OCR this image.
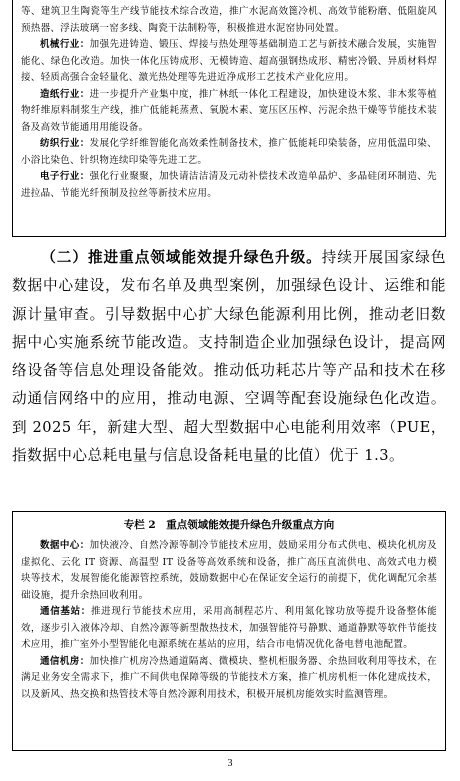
等、建筑卫生陶瓷等生产线节能技术综合改造，推广水泥高效篦冷机、高效节能粉磨、低阻旋风预热器、浮法玻璃一窑多线、陶瓷干法制粉等，积极推进水泥窑协同处置。

机械行业：加强先进铸造、锻压、焊接与热处理等基础制造工艺与新技术融合发展，实施智能化、绿色化改造。加快一体化压铸成形、无模铸造、超高强钢热成形、精密冷锻、异质材料焊接、轻质高强合金轻量化、激光热处理等先进近净成形工艺技术产业化应用。

造纸行业：进一步提升产业集中度，推广林纸一体化工程建设，加快建设木浆、非木浆等植物纤维原料制浆生产线，推广低能耗蒸煮、氧脱木素、宽压区压榨、污泥余热干燥等节能技术装备及高效节能通用用能设备。

纺织行业：发展化学纤维智能化高效柔性制备技术，推广低能耗印染装备，应用低温印染、小浴比染色、针织物连续印染等先进工艺。

电子行业：强化行业聚聚，加快请洁洁清及元动补偿技术改造单晶炉、多晶硅闭环制造、先进拉晶、节能光纤预制及拉丝等新技术应用。

（二）推进重点领域能效提升绿色升级。持续开展国家绿色数据中心建设，发布名单及典型案例，加强绿色设计、运维和能源计量审查。引导数据中心扩大绿色能源利用比例，推动老旧数据中心实施系统节能改造。支持制造企业加强绿色设计，提高网络设备等信息处理设备能效。推动低功耗芯片等产品和技术在移动通信网络中的应用，推动电源、空调等配套设施绿色化改造。到 2025 年，新建大型、超大型数据中心电能利用效率（PUE，指数据中心总耗电量与信息设备耗电量的比值）优于 1.3。

专栏 2　重点领域能效提升绿色升级重点方向

数据中心：加快液冷、自然冷源等制冷节能技术应用，鼓励采用分布式供电、模块化机房及虚拟化、云化 IT 资源、高温型 IT 设备等高效系统和设备，推广高压直流供电、高效式电力模块等技术，发展智能化能源管控系统，鼓励数据中心在保证安全运行的前提下，优化调配冗余基础设施，提升余热回收利用。

通信基站：推进现行节能技术应用，采用高制程芯片、利用氮化镓功放等提升设备整体能效，逐步引入液体冷却、自然冷源等新型散热技术，加强智能符号静默、通道静默等软件节能技术应用，推广室外小型智能化电源系统在基站的应用，结合市电情况优化备电替电池配置。

通信机房：加快推广机房冷热通道隔离、微模块、整机柜服务器、余热回收利用等技术，在满足业务安全需求下，推广不间供电保障等级的节能技术方案，推广机房机柜一体化建成技术，以及新风、热交换和热管技术等自然冷源利用技术，积极开展机房能效实时监测管理。

3
